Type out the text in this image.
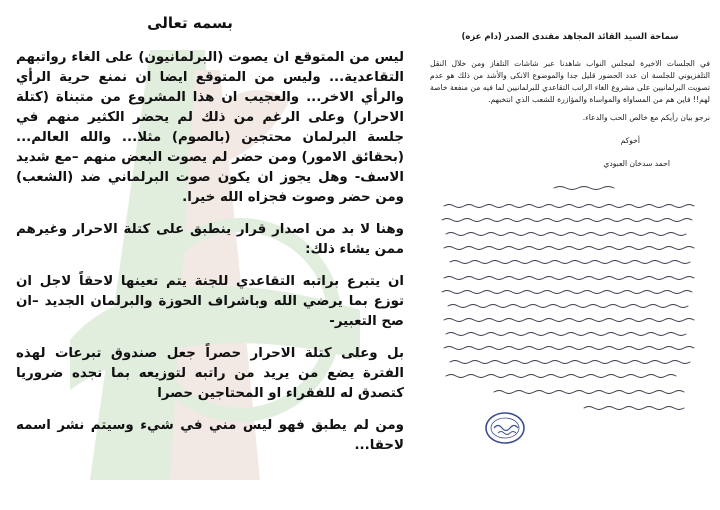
بسمه تعالى

ليس من المتوقع ان يصوت (البرلمانيون) على الغاء رواتبهم التقاعدية... وليس من المتوقع ايضا ان نمنع حرية الرأي والرأي الاخر... والعجيب ان هذا المشروع من متبناة (كتلة الاحرار) وعلى الرغم من ذلك لم يحضر الكثير منهم في جلسة البرلمان محتجين (بالصوم) مثلا... والله العالم... (بحقائق الامور) ومن حضر لم يصوت البعض منهم –مع شديد الاسف- وهل يجوز ان يكون صوت البرلماني ضد (الشعب) ومن حضر وصوت فجزاه الله خيرا.

وهنا لا بد من اصدار قرار ينطبق على كتلة الاحرار وغيرهم ممن يشاء ذلك:

ان يتبرع براتبه التقاعدي للجنة يتم تعينها لاحقاً لاجل ان توزع بما يرضي الله وباشراف الحوزة والبرلمان الجديد –ان صح التعبير-

بل وعلى كتلة الاحرار حصراً جعل صندوق تبرعات لهذه الفترة يضع من يريد من راتبه لتوزيعه بما نجده ضروريا كتصدق له للفقراء او المحتاجين حصرا

ومن لم يطبق فهو ليس مني في شيء وسيتم نشر اسمه لاحقا...

سماحة السيد القائد المجاهد مقتدى الصدر (دام عزه)
في الجلسات الاخيرة لمجلس النواب شاهدنا عبر شاشات التلفاز ومن خلال النقل التلفزيوني للجلسة ان عدد الحضور قليل جدا والموضوع الانكى والأشد من ذلك هو عدم تصويت البرلمانيين على مشروع الغاء الراتب التقاعدي للبرلمانيين لما فيه من منفعة خاصة لهم!! فاين هم من المساواة والمواساة والمؤازرة للشعب الذي انتخبهم.
نرجو بيان رأيكم مع خالص الحب والدعاء.
أخوكم
احمد سدخان العبودي
